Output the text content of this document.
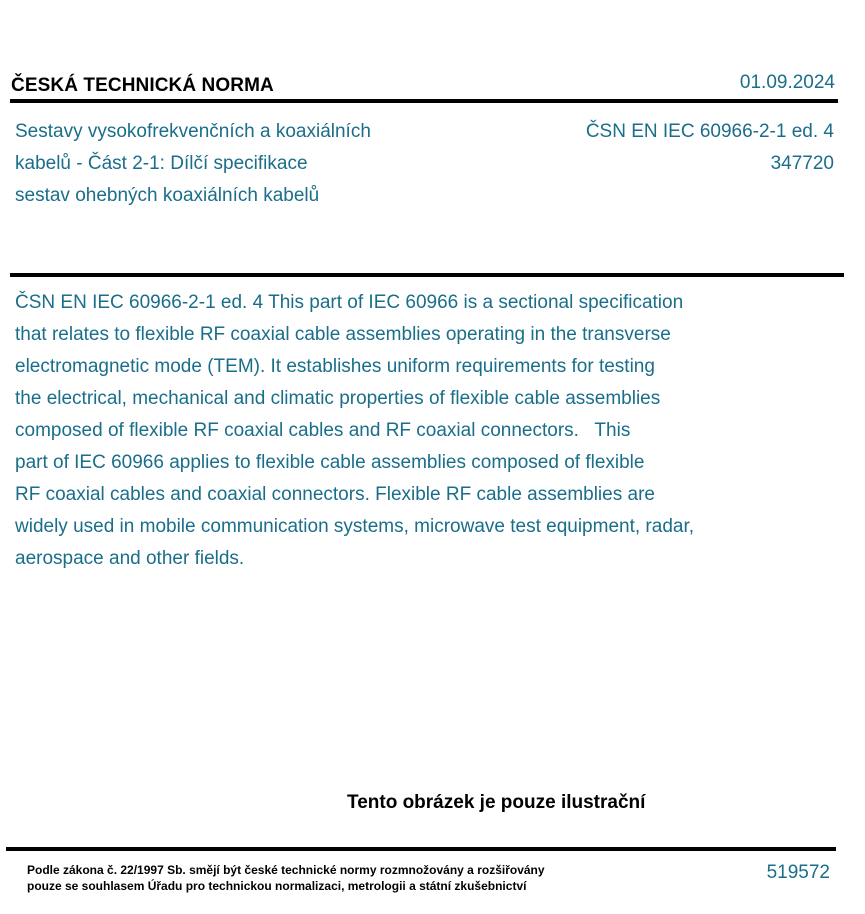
ČESKÁ TECHNICKÁ NORMA	01.09.2024
Sestavy vysokofrekvenčních a koaxiálních
kabelů - Část 2-1: Dílčí specifikace
sestav ohebných koaxiálních kabelů
ČSN EN IEC 60966-2-1 ed. 4
347720
ČSN EN IEC 60966-2-1 ed. 4 This part of IEC 60966 is a sectional specification
that relates to flexible RF coaxial cable assemblies operating in the transverse
electromagnetic mode (TEM). It establishes uniform requirements for testing
the electrical, mechanical and climatic properties of flexible cable assemblies
composed of flexible RF coaxial cables and RF coaxial connectors.   This
part of IEC 60966 applies to flexible cable assemblies composed of flexible
RF coaxial cables and coaxial connectors. Flexible RF cable assemblies are
widely used in mobile communication systems, microwave test equipment, radar,
aerospace and other fields.
Tento obrázek je pouze ilustrační
Podle zákona č. 22/1997 Sb. smějí být české technické normy rozmnožovány a rozšiřovány
pouze se souhlasem Úřadu pro technickou normalizaci, metrologii a státní zkušebnictví
519572
